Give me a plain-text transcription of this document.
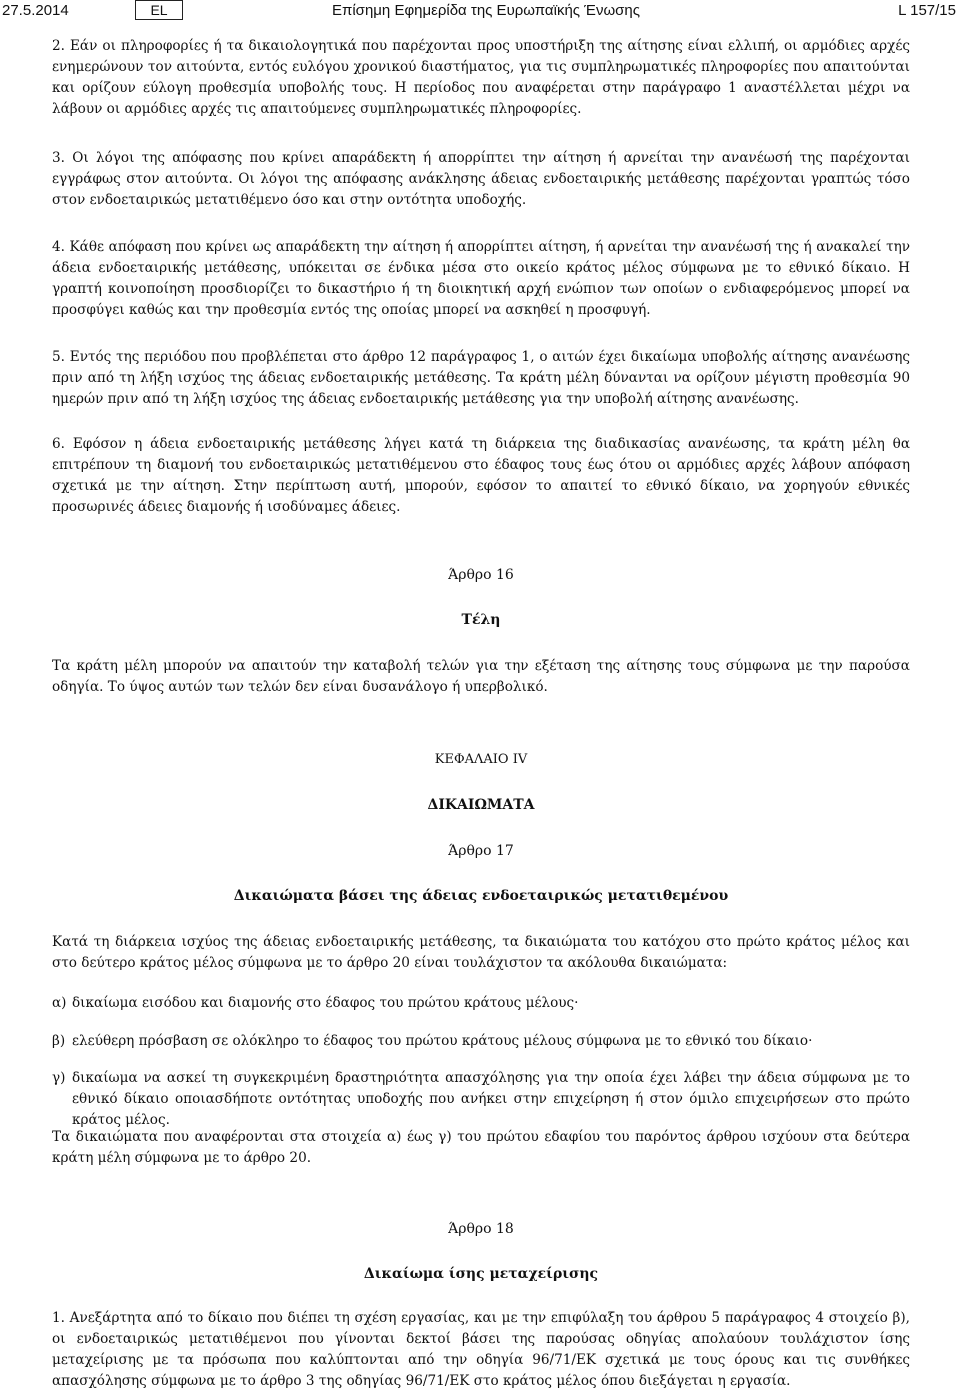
27.5.2014	EL	Επίσημη Εφημερίδα της Ευρωπαϊκής Ένωσης	L 157/15

2. Εάν οι πληροφορίες ή τα δικαιολογητικά που παρέχονται προς υποστήριξη της αίτησης είναι ελλιπή, οι αρμόδιες αρχές ενημερώνουν τον αιτούντα, εντός ευλόγου χρονικού διαστήματος, για τις συμπληρωματικές πληροφορίες που απαιτούνται και ορίζουν εύλογη προθεσμία υποβολής τους. Η περίοδος που αναφέρεται στην παράγραφο 1 αναστέλλεται μέχρι να λάβουν οι αρμόδιες αρχές τις απαιτούμενες συμπληρωματικές πληροφορίες.

3. Οι λόγοι της απόφασης που κρίνει απαράδεκτη ή απορρίπτει την αίτηση ή αρνείται την ανανέωσή της παρέχονται εγγράφως στον αιτούντα. Οι λόγοι της απόφασης ανάκλησης άδειας ενδοεταιρικής μετάθεσης παρέχονται γραπτώς τόσο στον ενδοεταιρικώς μετατιθέμενο όσο και στην οντότητα υποδοχής.

4. Κάθε απόφαση που κρίνει ως απαράδεκτη την αίτηση ή απορρίπτει αίτηση, ή αρνείται την ανανέωσή της ή ανακαλεί την άδεια ενδοεταιρικής μετάθεσης, υπόκειται σε ένδικα μέσα στο οικείο κράτος μέλος σύμφωνα με το εθνικό δίκαιο. Η γραπτή κοινοποίηση προσδιορίζει το δικαστήριο ή τη διοικητική αρχή ενώπιον των οποίων ο ενδιαφερόμενος μπορεί να προσφύγει καθώς και την προθεσμία εντός της οποίας μπορεί να ασκηθεί η προσφυγή.

5. Εντός της περιόδου που προβλέπεται στο άρθρο 12 παράγραφος 1, ο αιτών έχει δικαίωμα υποβολής αίτησης ανανέωσης πριν από τη λήξη ισχύος της άδειας ενδοεταιρικής μετάθεσης. Τα κράτη μέλη δύνανται να ορίζουν μέγιστη προθεσμία 90 ημερών πριν από τη λήξη ισχύος της άδειας ενδοεταιρικής μετάθεσης για την υποβολή αίτησης ανανέωσης.

6. Εφόσον η άδεια ενδοεταιρικής μετάθεσης λήγει κατά τη διάρκεια της διαδικασίας ανανέωσης, τα κράτη μέλη θα επιτρέπουν τη διαμονή του ενδοεταιρικώς μετατιθέμενου στο έδαφος τους έως ότου οι αρμόδιες αρχές λάβουν απόφαση σχετικά με την αίτηση. Στην περίπτωση αυτή, μπορούν, εφόσον το απαιτεί το εθνικό δίκαιο, να χορηγούν εθνικές προσωρινές άδειες διαμονής ή ισοδύναμες άδειες.

Άρθρο 16
Τέλη

Τα κράτη μέλη μπορούν να απαιτούν την καταβολή τελών για την εξέταση της αίτησης τους σύμφωνα με την παρούσα οδηγία. Το ύψος αυτών των τελών δεν είναι δυσανάλογο ή υπερβολικό.

ΚΕΦΑΛΑΙΟ IV
ΔΙΚΑΙΩΜΑΤΑ
Άρθρο 17
Δικαιώματα βάσει της άδειας ενδοεταιρικώς μετατιθεμένου

Κατά τη διάρκεια ισχύος της άδειας ενδοεταιρικής μετάθεσης, τα δικαιώματα του κατόχου στο πρώτο κράτος μέλος και στο δεύτερο κράτος μέλος σύμφωνα με το άρθρο 20 είναι τουλάχιστον τα ακόλουθα δικαιώματα:

α) δικαίωμα εισόδου και διαμονής στο έδαφος του πρώτου κράτους μέλους·
β) ελεύθερη πρόσβαση σε ολόκληρο το έδαφος του πρώτου κράτους μέλους σύμφωνα με το εθνικό του δίκαιο·
γ) δικαίωμα να ασκεί τη συγκεκριμένη δραστηριότητα απασχόλησης για την οποία έχει λάβει την άδεια σύμφωνα με το εθνικό δίκαιο οποιασδήποτε οντότητας υποδοχής που ανήκει στην επιχείρηση ή στον όμιλο επιχειρήσεων στο πρώτο κράτος μέλος.

Τα δικαιώματα που αναφέρονται στα στοιχεία α) έως γ) του πρώτου εδαφίου του παρόντος άρθρου ισχύουν στα δεύτερα κράτη μέλη σύμφωνα με το άρθρο 20.

Άρθρο 18
Δικαίωμα ίσης μεταχείρισης

1. Ανεξάρτητα από το δίκαιο που διέπει τη σχέση εργασίας, και με την επιφύλαξη του άρθρου 5 παράγραφος 4 στοιχείο β), οι ενδοεταιρικώς μετατιθέμενοι που γίνονται δεκτοί βάσει της παρούσας οδηγίας απολαύουν τουλάχιστον ίσης μεταχείρισης με τα πρόσωπα που καλύπτονται από την οδηγία 96/71/ΕΚ σχετικά με τους όρους και τις συνθήκες απασχόλησης σύμφωνα με το άρθρο 3 της οδηγίας 96/71/ΕΚ στο κράτος μέλος όπου διεξάγεται η εργασία.
